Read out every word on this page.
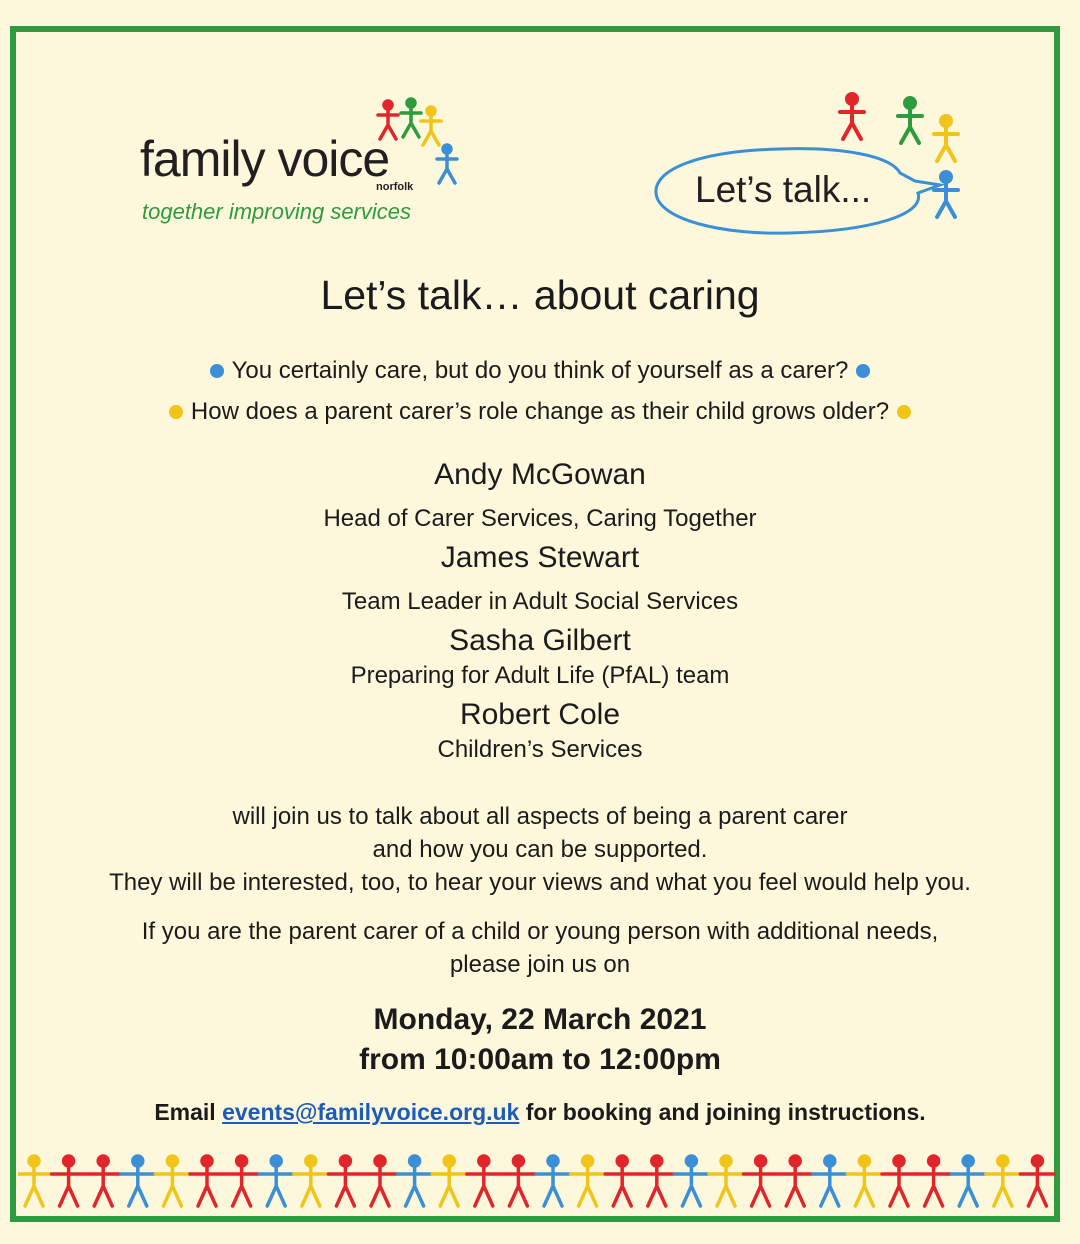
family voice
norfolk
together improving services
Let’s talk...
Let’s talk… about caring
You certainly care, but do you think of yourself as a carer?
How does a parent carer’s role change as their child grows older?
Andy McGowan
Head of Carer Services, Caring Together
James Stewart
Team Leader in Adult Social Services
Sasha Gilbert
Preparing for Adult Life (PfAL) team
Robert Cole
Children’s Services
will join us to talk about all aspects of being a parent carer
and how you can be supported.
They will be interested, too, to hear your views and what you feel would help you.
If you are the parent carer of a child or young person with additional needs,
please join us on
Monday, 22 March 2021
from 10:00am to 12:00pm
Email events@familyvoice.org.uk for booking and joining instructions.
